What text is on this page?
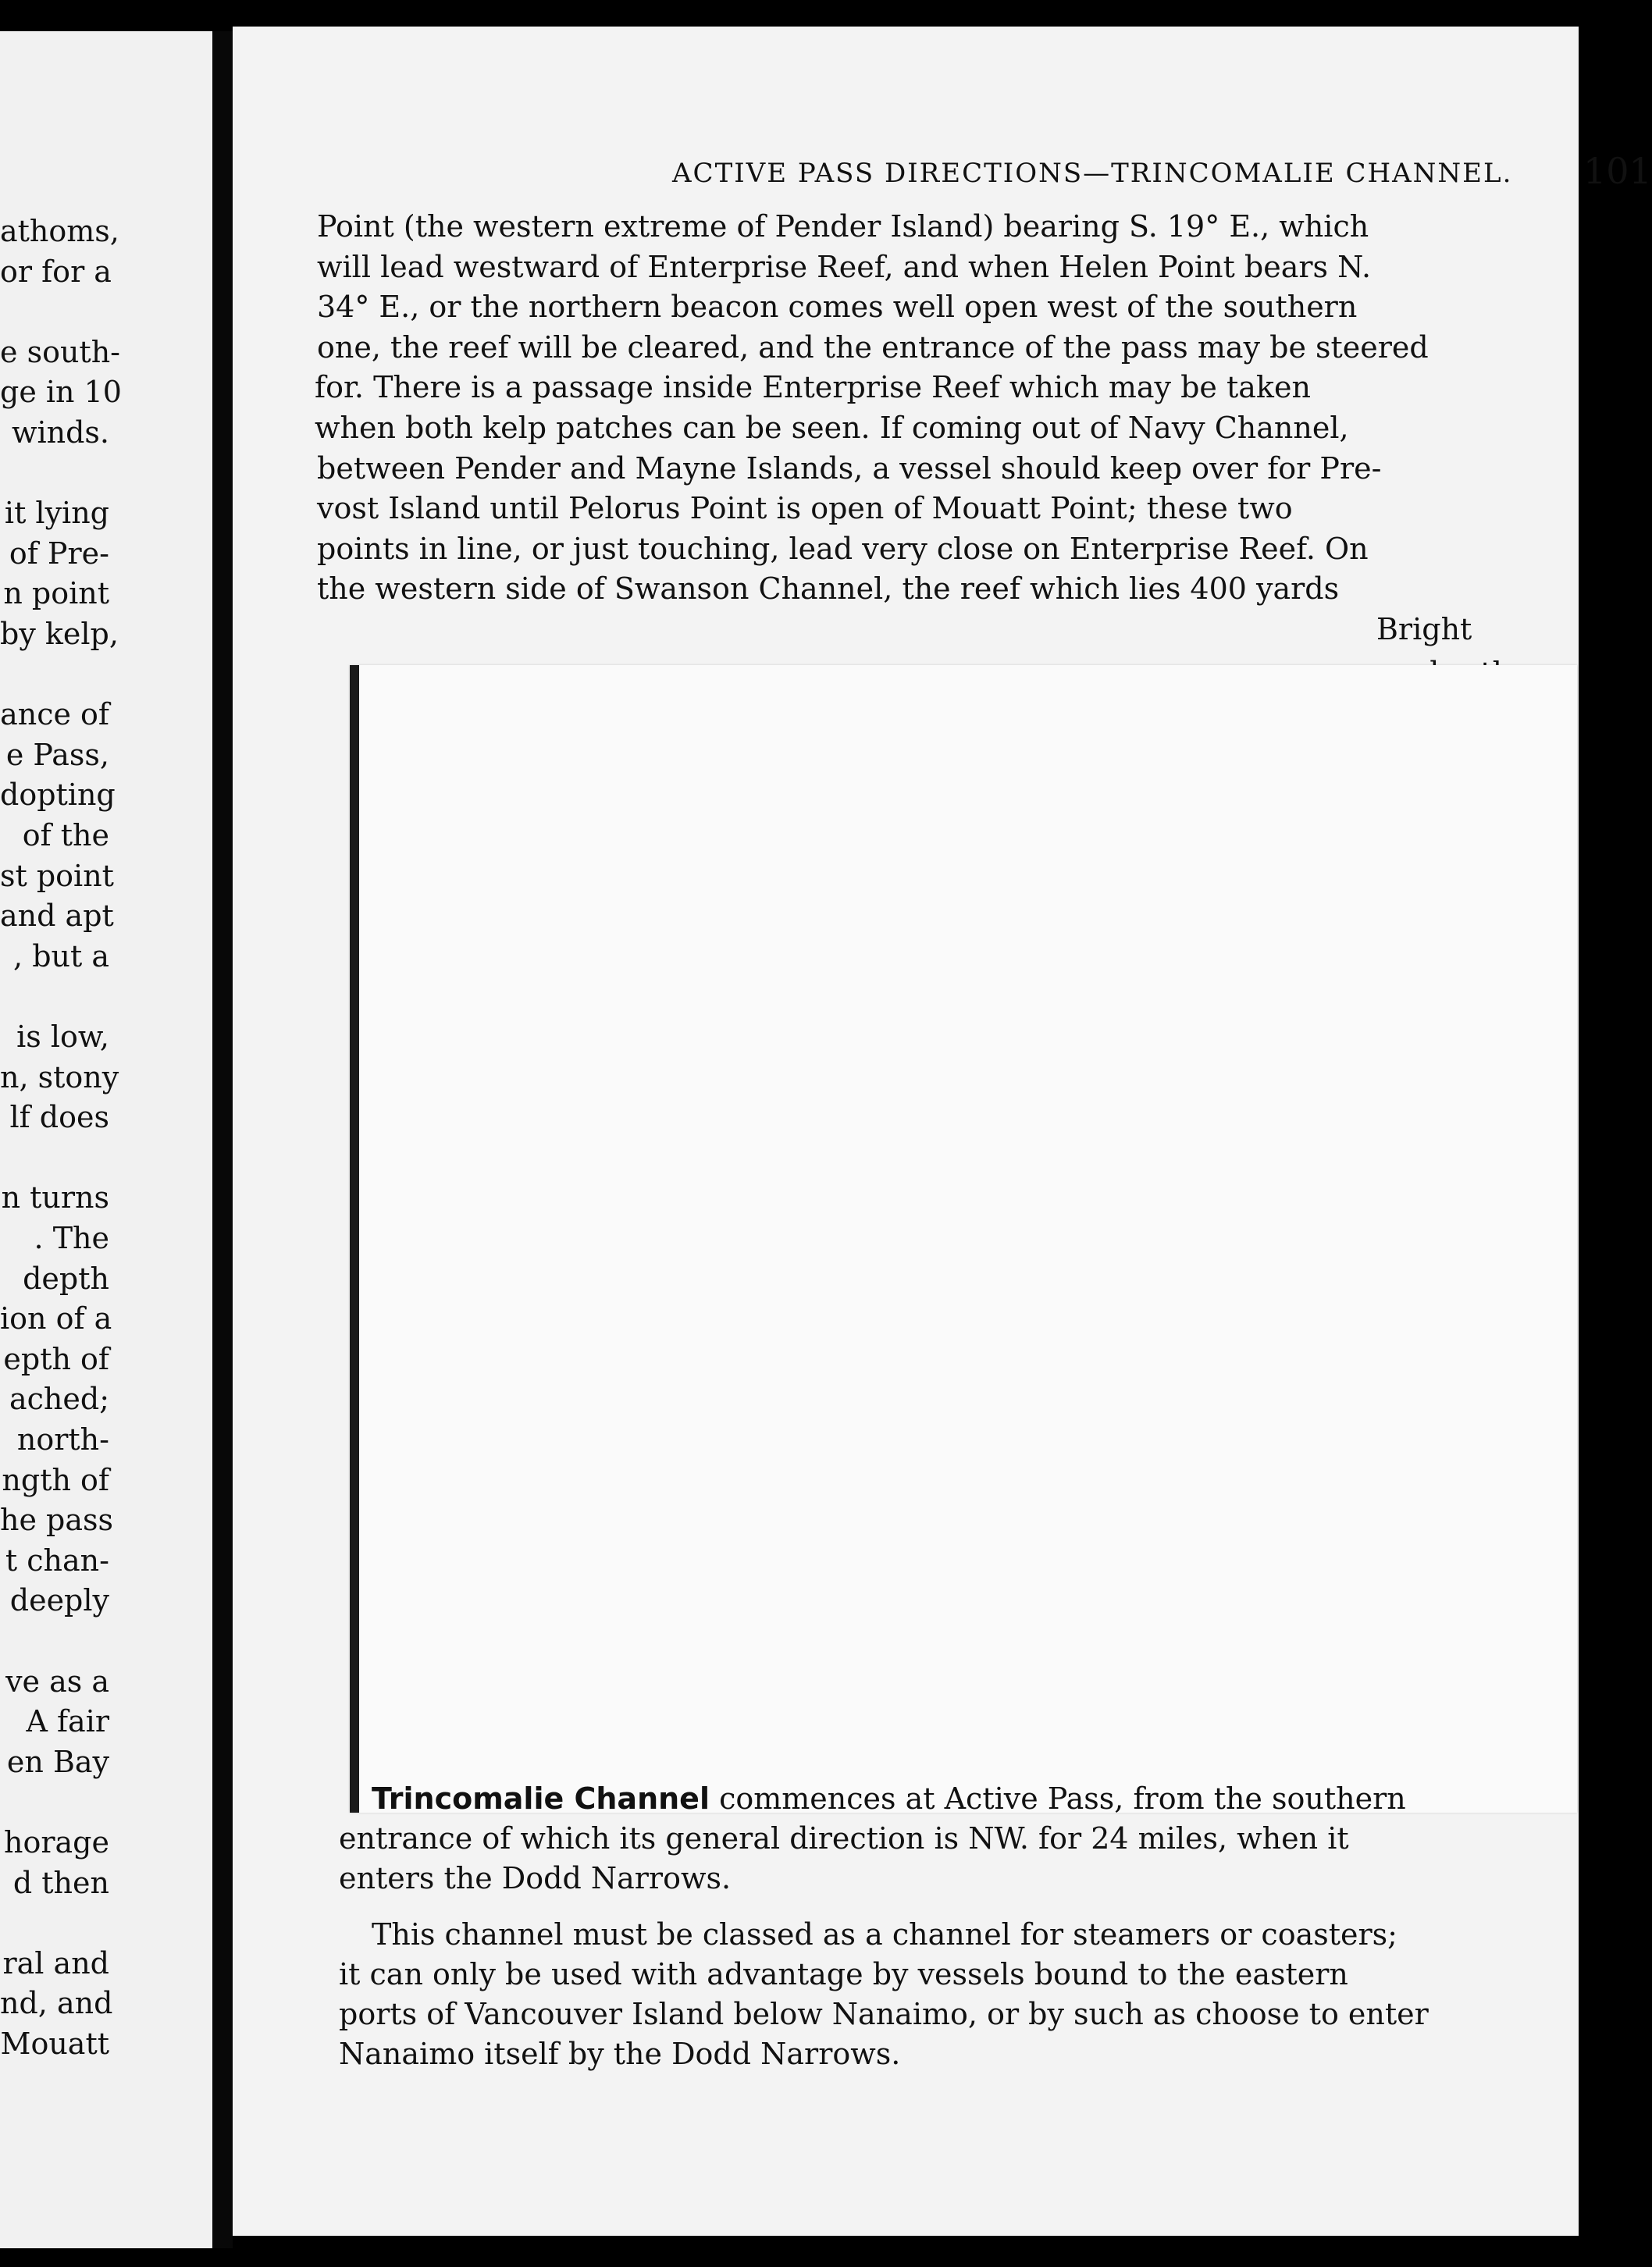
athoms,
or for a
e south-
ge in 10
winds.
it lying
of Pre-
n point
by kelp,
ance of
e Pass,
dopting
of the
st point
and apt
, but a
is low,
n, stony
lf does
n turns
. The
depth
ion of a
epth of
ached;
north-
ngth of
he pass
t chan-
deeply
ve as a
A fair
en Bay
horage
d then
ral and
nd, and
Mouatt
ACTIVE PASS DIRECTIONS—TRINCOMALIE CHANNEL. 101
Point (the western extreme of Pender Island) bearing S. 19° E., which
will lead westward of Enterprise Reef, and when Helen Point bears N.
34° E., or the northern beacon comes well open west of the southern
one, the reef will be cleared, and the entrance of the pass may be steered
for. There is a passage inside Enterprise Reef which may be taken
when both kelp patches can be seen. If coming out of Navy Channel,
between Pender and Mayne Islands, a vessel should keep over for Pre-
vost Island until Pelorus Point is open of Mouatt Point; these two
points in line, or just touching, lead very close on Enterprise Reef. On
the western side of Swanson Channel, the reef which lies 400 yards
Bright
Trincomalie Channel commences at Active Pass, from the southern
entrance of which its general direction is NW. for 24 miles, when it
enters the Dodd Narrows.
This channel must be classed as a channel for steamers or coasters;
it can only be used with advantage by vessels bound to the eastern
ports of Vancouver Island below Nanaimo, or by such as choose to enter
Nanaimo itself by the Dodd Narrows.
